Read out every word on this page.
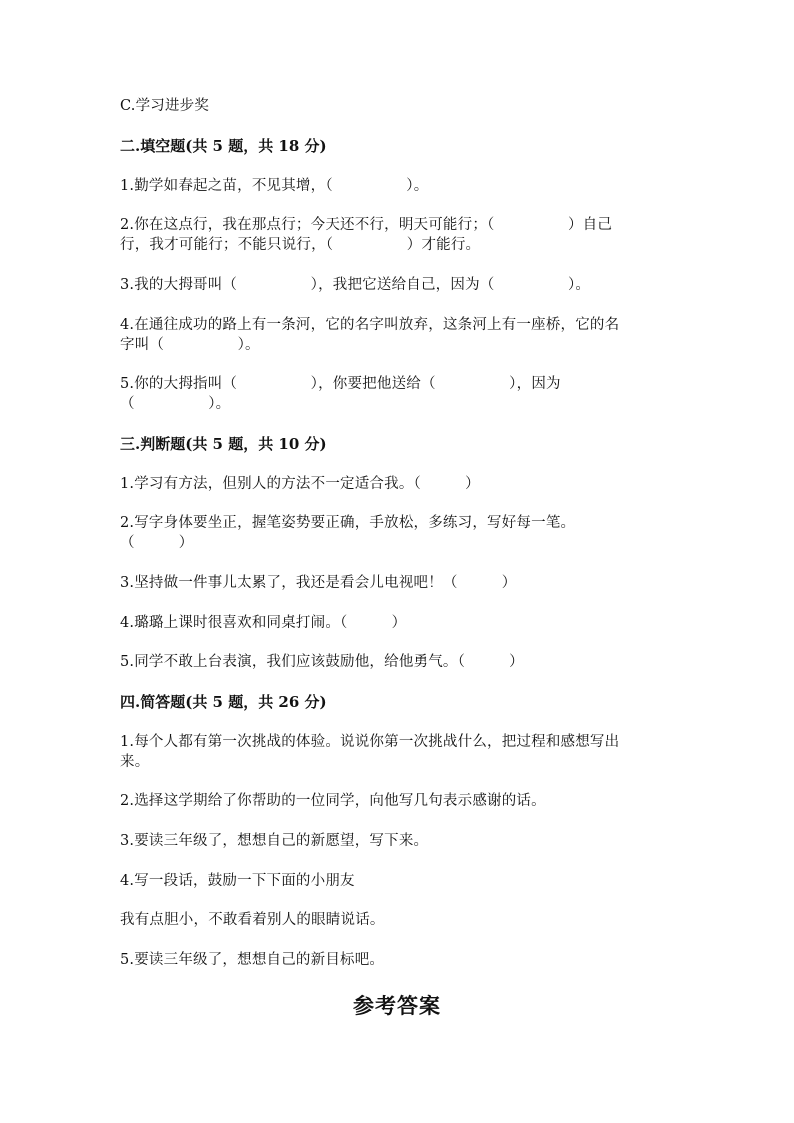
C.学习进步奖
二.填空题(共 5 题，共 18 分)
1.勤学如春起之苗，不见其增，（　　　　　）。
2.你在这点行，我在那点行；今天还不行，明天可能行；（　　　　　）自己
行，我才可能行；不能只说行，（　　　　　）才能行。
3.我的大拇哥叫（　　　　　），我把它送给自己，因为（　　　　　）。
4.在通往成功的路上有一条河，它的名字叫放弃，这条河上有一座桥，它的名
字叫（　　　　　）。
5.你的大拇指叫（　　　　　），你要把他送给（　　　　　），因为
（　　　　　）。
三.判断题(共 5 题，共 10 分)
1.学习有方法，但别人的方法不一定适合我。（　　　）
2.写字身体要坐正，握笔姿势要正确，手放松，多练习，写好每一笔。
（　　　）
3.坚持做一件事儿太累了，我还是看会儿电视吧！（　　　）
4.璐璐上课时很喜欢和同桌打闹。（　　　）
5.同学不敢上台表演，我们应该鼓励他，给他勇气。（　　　）
四.简答题(共 5 题，共 26 分)
1.每个人都有第一次挑战的体验。说说你第一次挑战什么，把过程和感想写出
来。
2.选择这学期给了你帮助的一位同学，向他写几句表示感谢的话。
3.要读三年级了，想想自己的新愿望，写下来。
4.写一段话，鼓励一下下面的小朋友
我有点胆小，不敢看着别人的眼睛说话。
5.要读三年级了，想想自己的新目标吧。
参考答案
